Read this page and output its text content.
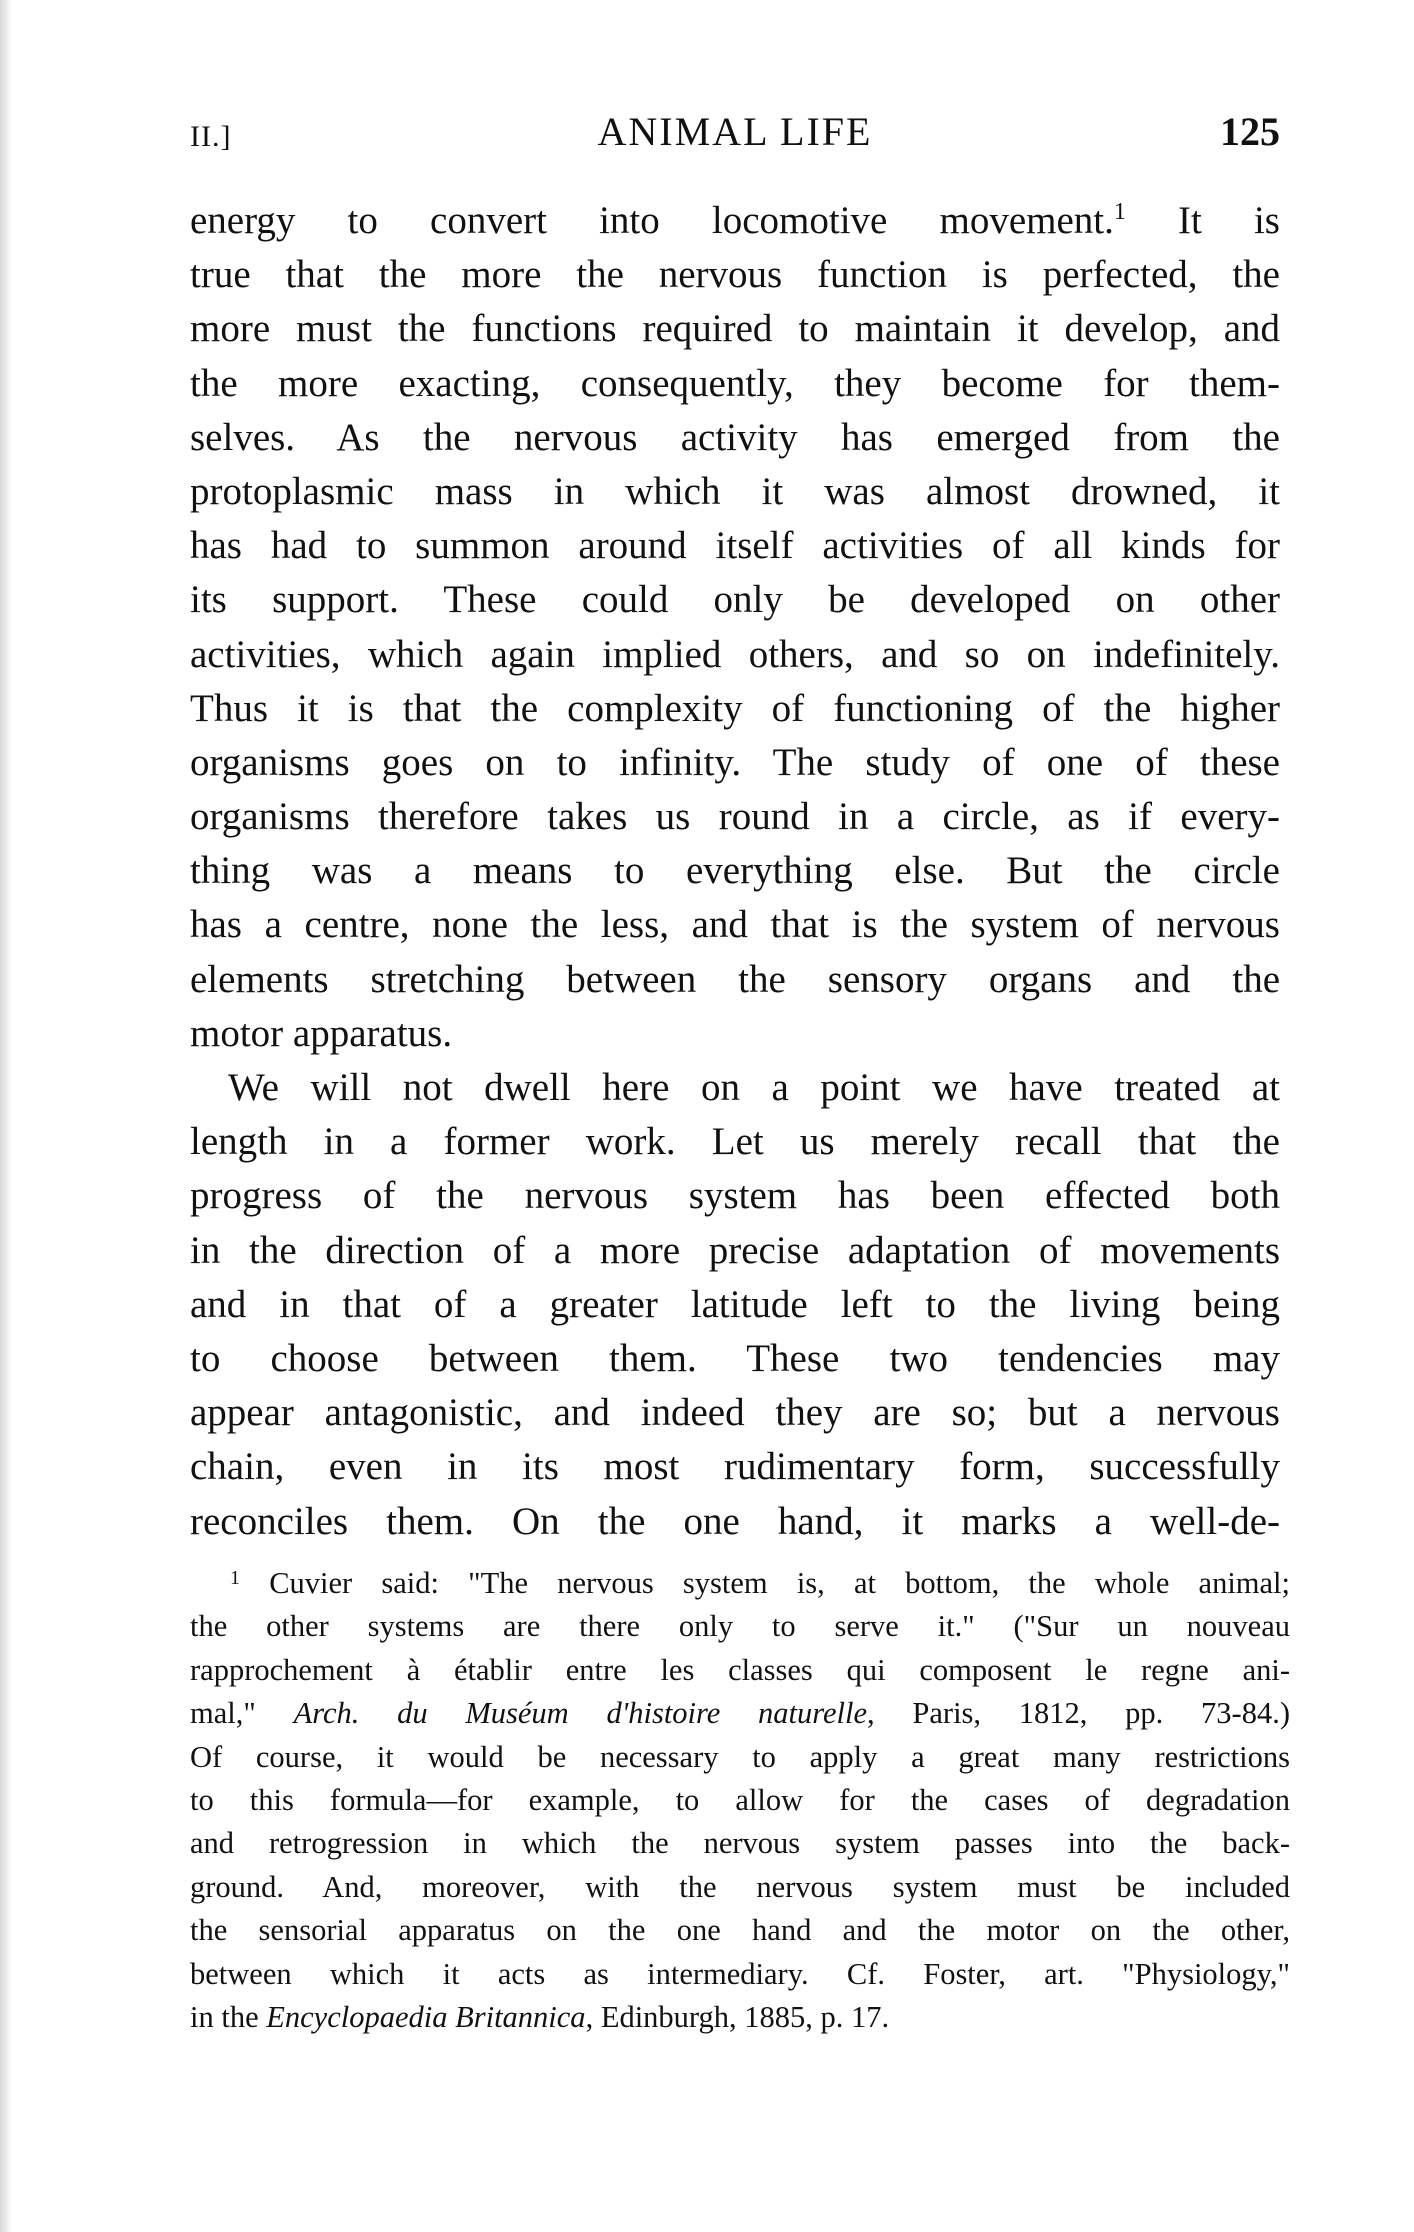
II.]	ANIMAL LIFE	125
energy to convert into locomotive movement.$^1$ It is
true that the more the nervous function is perfected, the
more must the functions required to maintain it develop, and
the more exacting, consequently, they become for them-
selves. As the nervous activity has emerged from the
protoplasmic mass in which it was almost drowned, it
has had to summon around itself activities of all kinds for
its support. These could only be developed on other
activities, which again implied others, and so on indefinitely.
Thus it is that the complexity of functioning of the higher
organisms goes on to infinity. The study of one of these
organisms therefore takes us round in a circle, as if every-
thing was a means to everything else. But the circle
has a centre, none the less, and that is the system of nervous
elements stretching between the sensory organs and the
motor apparatus.
We will not dwell here on a point we have treated at
length in a former work. Let us merely recall that the
progress of the nervous system has been effected both
in the direction of a more precise adaptation of movements
and in that of a greater latitude left to the living being
to choose between them. These two tendencies may
appear antagonistic, and indeed they are so; but a nervous
chain, even in its most rudimentary form, successfully
reconciles them. On the one hand, it marks a well-de-
$^1$ Cuvier said: "The nervous system is, at bottom, the whole animal;
the other systems are there only to serve it." ("Sur un nouveau
rapprochement à établir entre les classes qui composent le regne ani-
mal," Arch. du Muséum d'histoire naturelle, Paris, 1812, pp. 73-84.)
Of course, it would be necessary to apply a great many restrictions
to this formula—for example, to allow for the cases of degradation
and retrogression in which the nervous system passes into the back-
ground. And, moreover, with the nervous system must be included
the sensorial apparatus on the one hand and the motor on the other,
between which it acts as intermediary. Cf. Foster, art. "Physiology,"
in the Encyclopaedia Britannica, Edinburgh, 1885, p. 17.
